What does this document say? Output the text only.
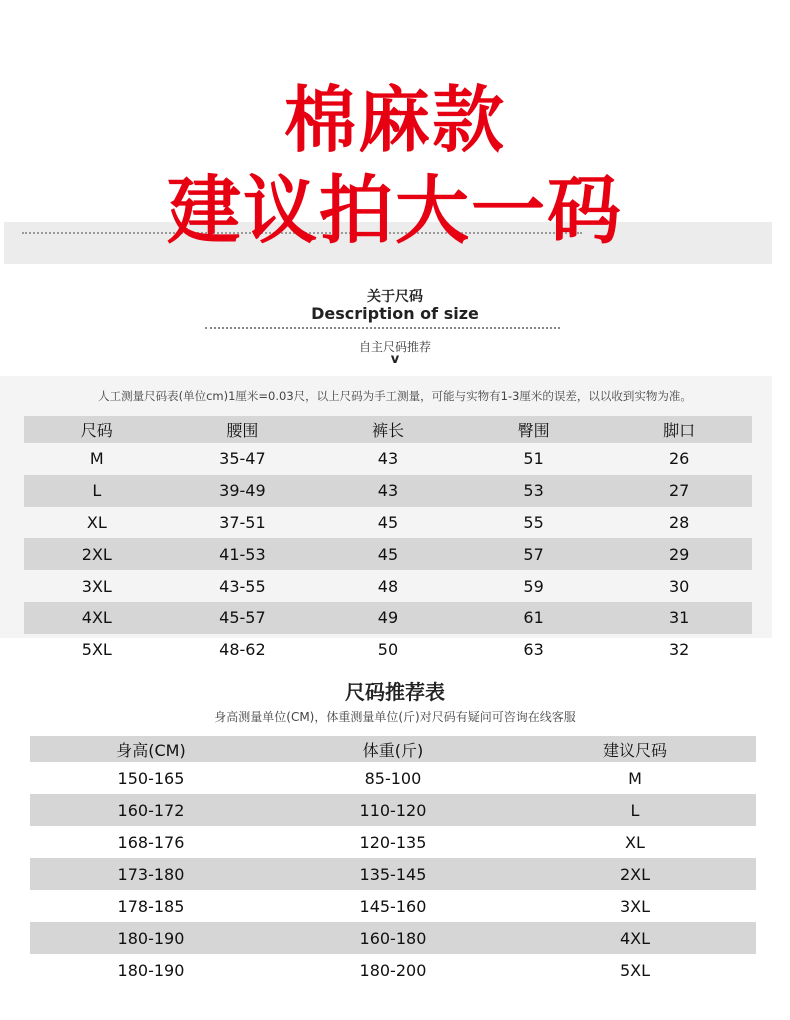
棉麻款
建议拍大一码
关于尺码
Description of size
自主尺码推荐
v
人工测量尺码表(单位cm)1厘米=0.03尺，以上尺码为手工测量，可能与实物有1-3厘米的误差，以以收到实物为准。
尺码	腰围	裤长	臀围	脚口
M	35-47	43	51	26
L	39-49	43	53	27
XL	37-51	45	55	28
2XL	41-53	45	57	29
3XL	43-55	48	59	30
4XL	45-57	49	61	31
5XL	48-62	50	63	32
尺码推荐表
身高测量单位(CM)，体重测量单位(斤)对尺码有疑问可咨询在线客服
身高(CM)	体重(斤)	建议尺码
150-165	85-100	M
160-172	110-120	L
168-176	120-135	XL
173-180	135-145	2XL
178-185	145-160	3XL
180-190	160-180	4XL
180-190	180-200	5XL
